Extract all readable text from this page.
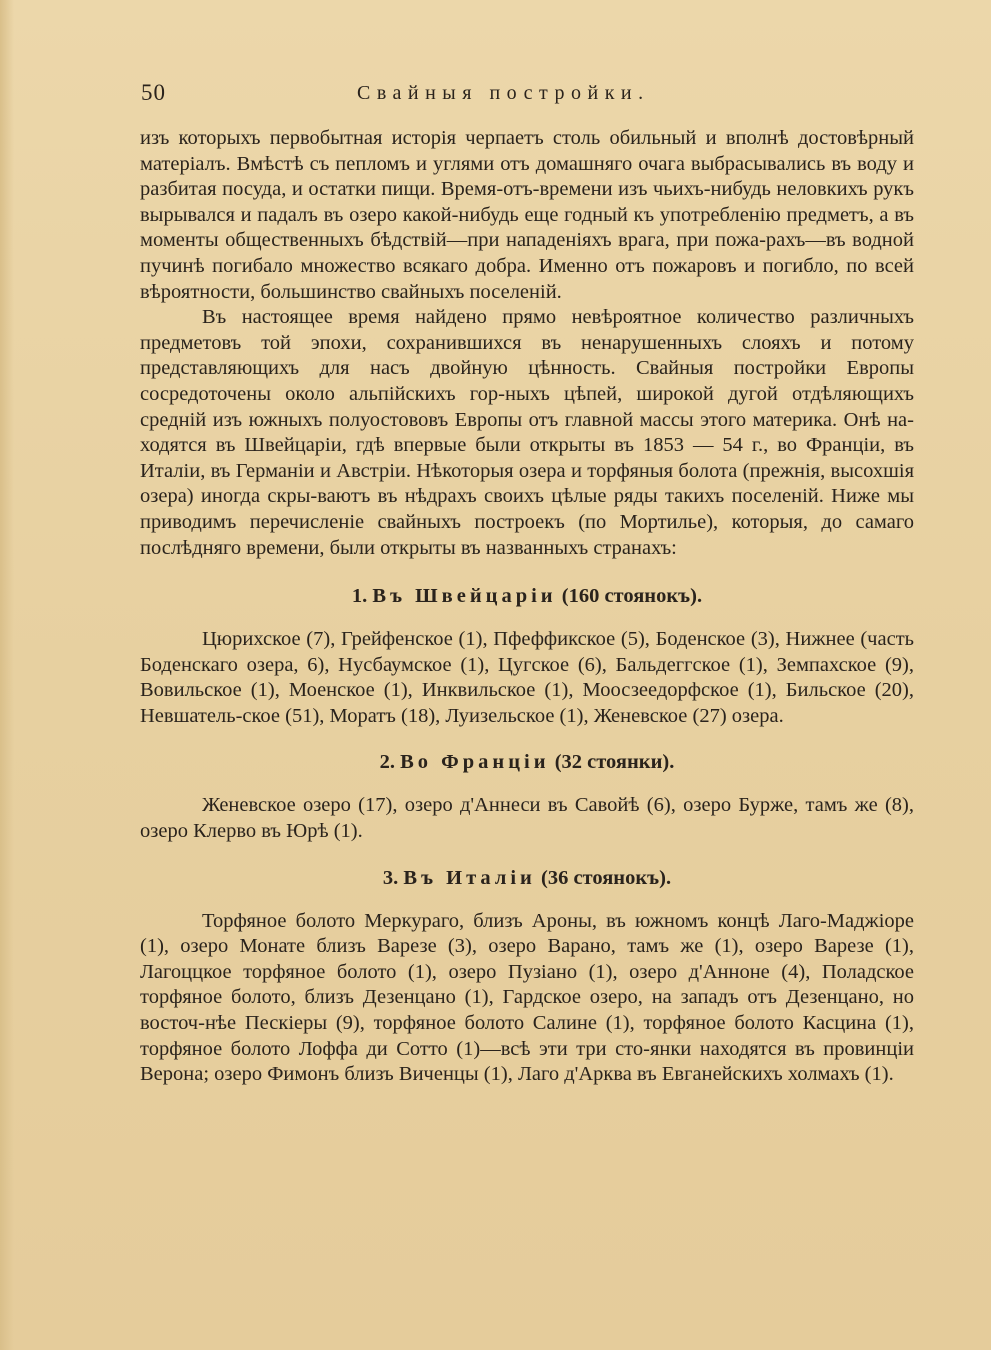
50	Свайныя постройки.

изъ которыхъ первобытная исторія черпаетъ столь обильный и вполнѣ достовѣрный матеріалъ. Вмѣстѣ съ пепломъ и углями отъ домашняго очага выбрасывались въ воду и разбитая посуда, и остатки пищи. Время-отъ-времени изъ чьихъ-нибудь неловкихъ рукъ вырывался и падалъ въ озеро какой-нибудь еще годный къ употребленію предметъ, а въ моменты общественныхъ бѣдствій—при нападеніяхъ врага, при пожа-рахъ—въ водной пучинѣ погибало множество всякаго добра. Именно отъ пожаровъ и погибло, по всей вѣроятности, большинство свайныхъ поселеній.

Въ настоящее время найдено прямо невѣроятное количество различныхъ предметовъ той эпохи, сохранившихся въ ненарушенныхъ слояхъ и потому представляющихъ для насъ двойную цѣнность. Свайныя постройки Европы сосредоточены около альпійскихъ гор-ныхъ цѣпей, широкой дугой отдѣляющихъ средній изъ южныхъ полуостововъ Европы отъ главной массы этого материка. Онѣ на-ходятся въ Швейцаріи, гдѣ впервые были открыты въ 1853 — 54 г., во Франціи, въ Италіи, въ Германіи и Австріи. Нѣкоторыя озера и торфяныя болота (прежнія, высохшія озера) иногда скры-ваютъ въ нѣдрахъ своихъ цѣлые ряды такихъ поселеній. Ниже мы приводимъ перечисленіе свайныхъ построекъ (по Мортилье), которыя, до самаго послѣдняго времени, были открыты въ названныхъ странахъ:

1. Въ Швейцаріи (160 стоянокъ).

Цюрихское (7), Грейфенское (1), Пфеффикское (5), Боденское (3), Нижнее (часть Боденскаго озера, 6), Нусбаумское (1), Цугское (6), Бальдеггское (1), Земпахское (9), Вовильское (1), Моенское (1), Инквильское (1), Моосзеедорфское (1), Бильское (20), Невшатель-ское (51), Моратъ (18), Луизельское (1), Женевское (27) озера.

2. Во Франціи (32 стоянки).

Женевское озеро (17), озеро д'Аннеси въ Савойѣ (6), озеро Бурже, тамъ же (8), озеро Клерво въ Юрѣ (1).

3. Въ Италіи (36 стоянокъ).

Торфяное болото Меркураго, близъ Ароны, въ южномъ концѣ Лаго-Маджіоре (1), озеро Монате близъ Варезе (3), озеро Варано, тамъ же (1), озеро Варезе (1), Лагоццкое торфяное болото (1), озеро Пузіано (1), озеро д'Анноне (4), Поладское торфяное болото, близъ Дезенцано (1), Гардское озеро, на западъ отъ Дезенцано, но восточ-нѣе Пескіеры (9), торфяное болото Салине (1), торфяное болото Касцина (1), торфяное болото Лоффа ди Сотто (1)—всѣ эти три сто-янки находятся въ провинціи Верона; озеро Фимонъ близъ Виченцы (1), Лаго д'Арква въ Евганейскихъ холмахъ (1).
